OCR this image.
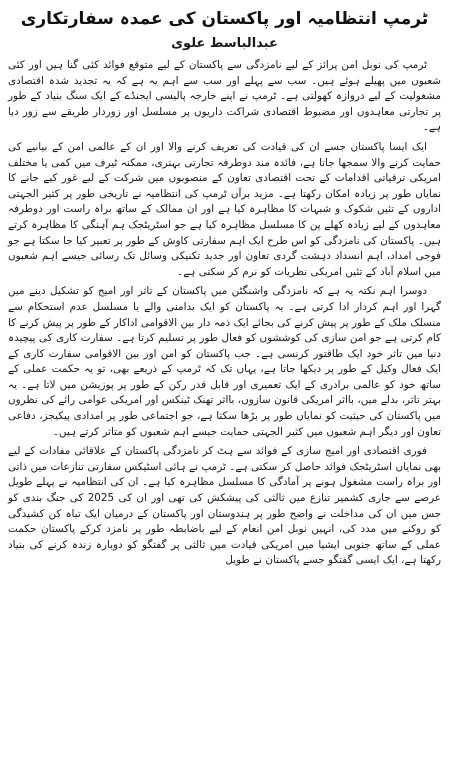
ٹرمپ انتظامیہ اور پاکستان کی عمدہ سفارتکاری
عبدالباسط علوی

ٹرمپ کی نوبل امن پرائز کے لیے نامزدگی سے پاکستان کے لیے متوقع فوائد کئی گنا ہیں اور کئی شعبوں میں پھیلے ہوئے ہیں۔ سب سے پہلے اور سب سے اہم یہ ہے کہ یہ تجدید شدہ اقتصادی مشغولیت کے لیے دروازہ کھولتی ہے۔ ٹرمپ نے اپنے خارجہ پالیسی ایجنڈے کے ایک سنگ بنیاد کے طور پر تجارتی معاہدوں اور مضبوط اقتصادی شراکت داریوں پر مسلسل اور زوردار طریقے سے زور دیا ہے۔

ایک ایسا پاکستان جسے ان کی قیادت کی تعریف کرنے والا اور ان کے عالمی امن کے بیانیے کی حمایت کرنے والا سمجھا جاتا ہے، فائدہ مند دوطرفہ تجارتی بہتری، ممکنہ ٹیرف میں کمی یا مختلف امریکی ترقیاتی اقدامات کے تحت اقتصادی تعاون کے منصوبوں میں شرکت کے لیے غور کیے جانے کا نمایاں طور پر زیادہ امکان رکھتا ہے۔ مزید برآں ٹرمپ کی انتظامیہ نے تاریخی طور پر کثیر الجہتی اداروں کے تئیں شکوک و شبہات کا مظاہرہ کیا ہے اور ان ممالک کے ساتھ براہ راست اور دوطرفہ معاہدوں کے لیے زیادہ کھلے پن کا مسلسل مظاہرہ کیا ہے جو اسٹریٹجک ہم آہنگی کا مظاہرہ کرتے ہیں۔ پاکستان کی نامزدگی کو اس طرح ایک اہم سفارتی کاوش کے طور پر تعبیر کیا جا سکتا ہے جو فوجی امداد، اہم انسداد دہشت گردی تعاون اور جدید تکنیکی وسائل تک رسائی جیسے اہم شعبوں میں اسلام آباد کے تئیں امریکی نظریات کو نرم کر سکتی ہے۔

دوسرا اہم نکتہ یہ ہے کہ نامزدگی واشنگٹن میں پاکستان کے تاثر اور امیج کو تشکیل دینے میں گہرا اور اہم کردار ادا کرتی ہے۔ یہ پاکستان کو ایک بدامنی والے یا مسلسل عدم استحکام سے منسلک ملک کے طور پر پیش کرنے کی بجائے ایک ذمہ دار بین الاقوامی اداکار کے طور پر پیش کرنے کا کام کرتی ہے جو امن سازی کی کوششوں کو فعال طور پر تسلیم کرتا ہے۔ سفارت کاری کی پیچیدہ دنیا میں تاثر خود ایک طاقتور کرنسی ہے۔ جب پاکستان کو امن اور بین الاقوامی سفارت کاری کے ایک فعال وکیل کے طور پر دیکھا جاتا ہے، یہاں تک کہ ٹرمپ کے ذریعے بھی، تو یہ حکمت عملی کے ساتھ خود کو عالمی برادری کے ایک تعمیری اور قابل قدر رکن کے طور پر پوزیشن میں لاتا ہے۔ یہ بہتر تاثر، بدلے میں، بااثر امریکی قانون سازوں، بااثر تھنک ٹینکس اور امریکی عوامی رائے کی نظروں میں پاکستان کی حیثیت کو نمایاں طور پر بڑھا سکتا ہے، جو اجتماعی طور پر امدادی پیکیجز، دفاعی تعاون اور دیگر اہم شعبوں میں کثیر الجہتی حمایت جیسے اہم شعبوں کو متاثر کرتے ہیں۔

فوری اقتصادی اور امیج سازی کے فوائد سے ہٹ کر نامزدگی پاکستان کے علاقائی مفادات کے لیے بھی نمایاں اسٹریٹجک فوائد حاصل کر سکتی ہے۔ ٹرمپ نے ہائی اسٹیکس سفارتی تنازعات میں ذاتی اور براہ راست مشغول ہونے پر آمادگی کا مسلسل مظاہرہ کیا ہے۔ ان کی انتظامیہ نے پہلے طویل عرصے سے جاری کشمیر تنازع میں ثالثی کی پیشکش کی تھی اور ان کی 2025 کی جنگ بندی کو جس میں ان کی مداخلت نے واضح طور پر ہندوستان اور پاکستان کے درمیان ایک تباہ کن کشیدگی کو روکنے میں مدد کی، انہیں نوبل امن انعام کے لیے باضابطہ طور پر نامزد کرکے پاکستان حکمت عملی کے ساتھ جنوبی ایشیا میں امریکی قیادت میں ثالثی پر گفتگو کو دوبارہ زندہ کرنے کی بنیاد رکھتا ہے، ایک ایسی گفتگو جسے پاکستان نے طویل
